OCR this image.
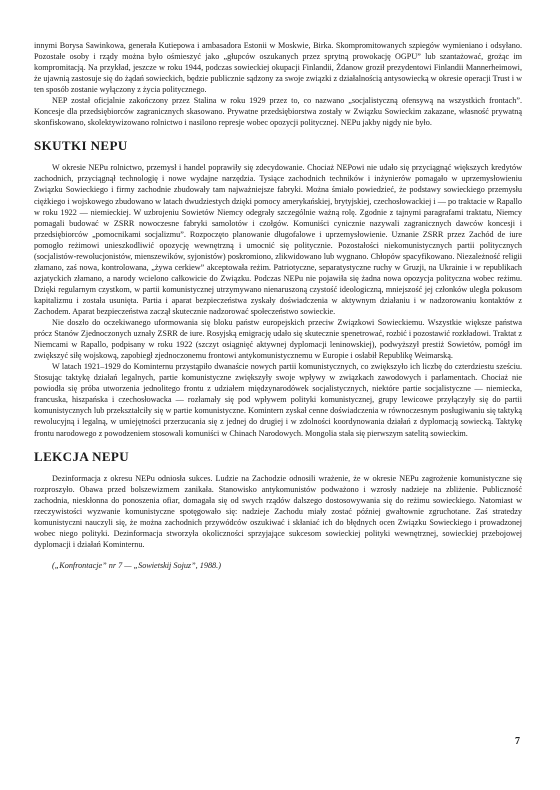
innymi Borysa Sawinkowa, generała Kutiepowa i ambasadora Estonii w Moskwie, Birka. Skompromitowanych szpiegów wymieniano i odsyłano. Pozostałe osoby i rządy można było ośmieszyć jako „głupców oszukanych przez sprytną prowokację OGPU” lub szantażować, grożąc im kompromitacją. Na przykład, jeszcze w roku 1944, podczas sowieckiej okupacji Finlandii, Żdanow groził prezydentowi Finlandii Mannerheimowi, że ujawnią zastosuje się do żądań sowieckich, będzie publicznie sądzony za swoje związki z działalnością antysowiecką w okresie operacji Trust i w ten sposób zostanie wyłączony z życia politycznego.

NEP został oficjalnie zakończony przez Stalina w roku 1929 przez to, co nazwano „socjalistyczną ofensywą na wszystkich frontach”. Koncesje dla przedsiębiorców zagranicznych skasowano. Prywatne przedsiębiorstwa zostały w Związku Sowieckim zakazane, własność prywatną skonfiskowano, skolektywizowano rolnictwo i nasilono represje wobec opozycji politycznej. NEPu jakby nigdy nie było.

SKUTKI NEPU

W okresie NEPu rolnictwo, przemysł i handel poprawiły się zdecydowanie. Chociaż NEPowi nie udało się przyciągnąć większych kredytów zachodnich, przyciągnął technologię i nowe wydajne narzędzia. Tysiące zachodnich techników i inżynierów pomagało w uprzemysłowieniu Związku Sowieckiego i firmy zachodnie zbudowały tam najważniejsze fabryki. Można śmiało powiedzieć, że podstawy sowieckiego przemysłu ciężkiego i wojskowego zbudowano w latach dwudziestych dzięki pomocy amerykańskiej, brytyjskiej, czechosłowackiej i — po traktacie w Rapallo w roku 1922 — niemieckiej. W uzbrojeniu Sowietów Niemcy odegrały szczególnie ważną rolę. Zgodnie z tajnymi paragrafami traktatu, Niemcy pomagali budować w ZSRR nowoczesne fabryki samolotów i czołgów. Komuniści cynicznie nazywali zagranicznych dawców koncesji i przedsiębiorców „pomocnikami socjalizmu”. Rozpoczęto planowanie długofalowe i uprzemysłowienie. Uznanie ZSRR przez Zachód de iure pomogło reżimowi unieszkodliwić opozycję wewnętrzną i umocnić się politycznie. Pozostałości niekomunistycznych partii politycznych (socjalistów-rewolucjonistów, mienszewików, syjonistów) poskromiono, zlikwidowano lub wygnano. Chłopów spacyfikowano. Niezależność religii złamano, zaś nowa, kontrolowana, „żywa cerkiew” akceptowała reżim. Patriotyczne, separatystyczne ruchy w Gruzji, na Ukrainie i w republikach azjatyckich złamano, a narody wcielono całkowicie do Związku. Podczas NEPu nie pojawiła się żadna nowa opozycja polityczna wobec reżimu. Dzięki regularnym czystkom, w partii komunistycznej utrzymywano nienaruszoną czystość ideologiczną, mniejszość jej członków uległa pokusom kapitalizmu i została usunięta. Partia i aparat bezpieczeństwa zyskały doświadczenia w aktywnym działaniu i w nadzorowaniu kontaktów z Zachodem. Aparat bezpieczeństwa zaczął skutecznie nadzorować społeczeństwo sowieckie.

Nie doszło do oczekiwanego uformowania się bloku państw europejskich przeciw Związkowi Sowieckiemu. Wszystkie większe państwa prócz Stanów Zjednoczonych uznały ZSRR de iure. Rosyjską emigrację udało się skutecznie spenetrować, rozbić i pozostawić rozkładowi. Traktat z Niemcami w Rapallo, podpisany w roku 1922 (szczyt osiągnięć aktywnej dyplomacji leninowskiej), podwyższył prestiż Sowietów, pomógł im zwiększyć siłę wojskową, zapobiegł zjednoczonemu frontowi antykomunistycznemu w Europie i osłabił Republikę Weimarską.

W latach 1921–1929 do Kominternu przystąpiło dwanaście nowych partii komunistycznych, co zwiększyło ich liczbę do czterdziestu sześciu. Stosując taktykę działań legalnych, partie komunistyczne zwiększyły swoje wpływy w związkach zawodowych i parlamentach. Chociaż nie powiodła się próba utworzenia jednolitego frontu z udziałem międzynarodówek socjalistycznych, niektóre partie socjalistyczne — niemiecka, francuska, hiszpańska i czechosłowacka — rozłamały się pod wpływem polityki komunistycznej, grupy lewicowe przyłączyły się do partii komunistycznych lub przekształciły się w partie komunistyczne. Komintern zyskał cenne doświadczenia w równoczesnym posługiwaniu się taktyką rewolucyjną i legalną, w umiejętności przerzucania się z jednej do drugiej i w zdolności koordynowania działań z dyplomacją sowiecką. Taktykę frontu narodowego z powodzeniem stosowali komuniści w Chinach Narodowych. Mongolia stała się pierwszym satelitą sowieckim.

LEKCJA NEPU

Dezinformacja z okresu NEPu odniosła sukces. Ludzie na Zachodzie odnosili wrażenie, że w okresie NEPu zagrożenie komunistyczne się rozproszyło. Obawa przed bolszewizmem zanikała. Stanowisko antykomunistów podważono i wzrosły nadzieje na zbliżenie. Publiczność zachodnia, nieskłonna do ponoszenia ofiar, domagała się od swych rządów dalszego dostosowywania się do reżimu sowieckiego. Natomiast w rzeczywistości wyzwanie komunistyczne spotęgowało się: nadzieje Zachodu miały zostać później gwałtownie zgruchotane. Zaś stratedzy komunistyczni nauczyli się, że można zachodnich przywódców oszukiwać i skłaniać ich do błędnych ocen Związku Sowieckiego i prowadzonej wobec niego polityki. Dezinformacja stworzyła okoliczności sprzyjające sukcesom sowieckiej polityki wewnętrznej, sowieckiej przebojowej dyplomacji i działań Kominternu.

(„Konfrontacje” nr 7 — „Sowietskij Sojuz”, 1988.)

7
